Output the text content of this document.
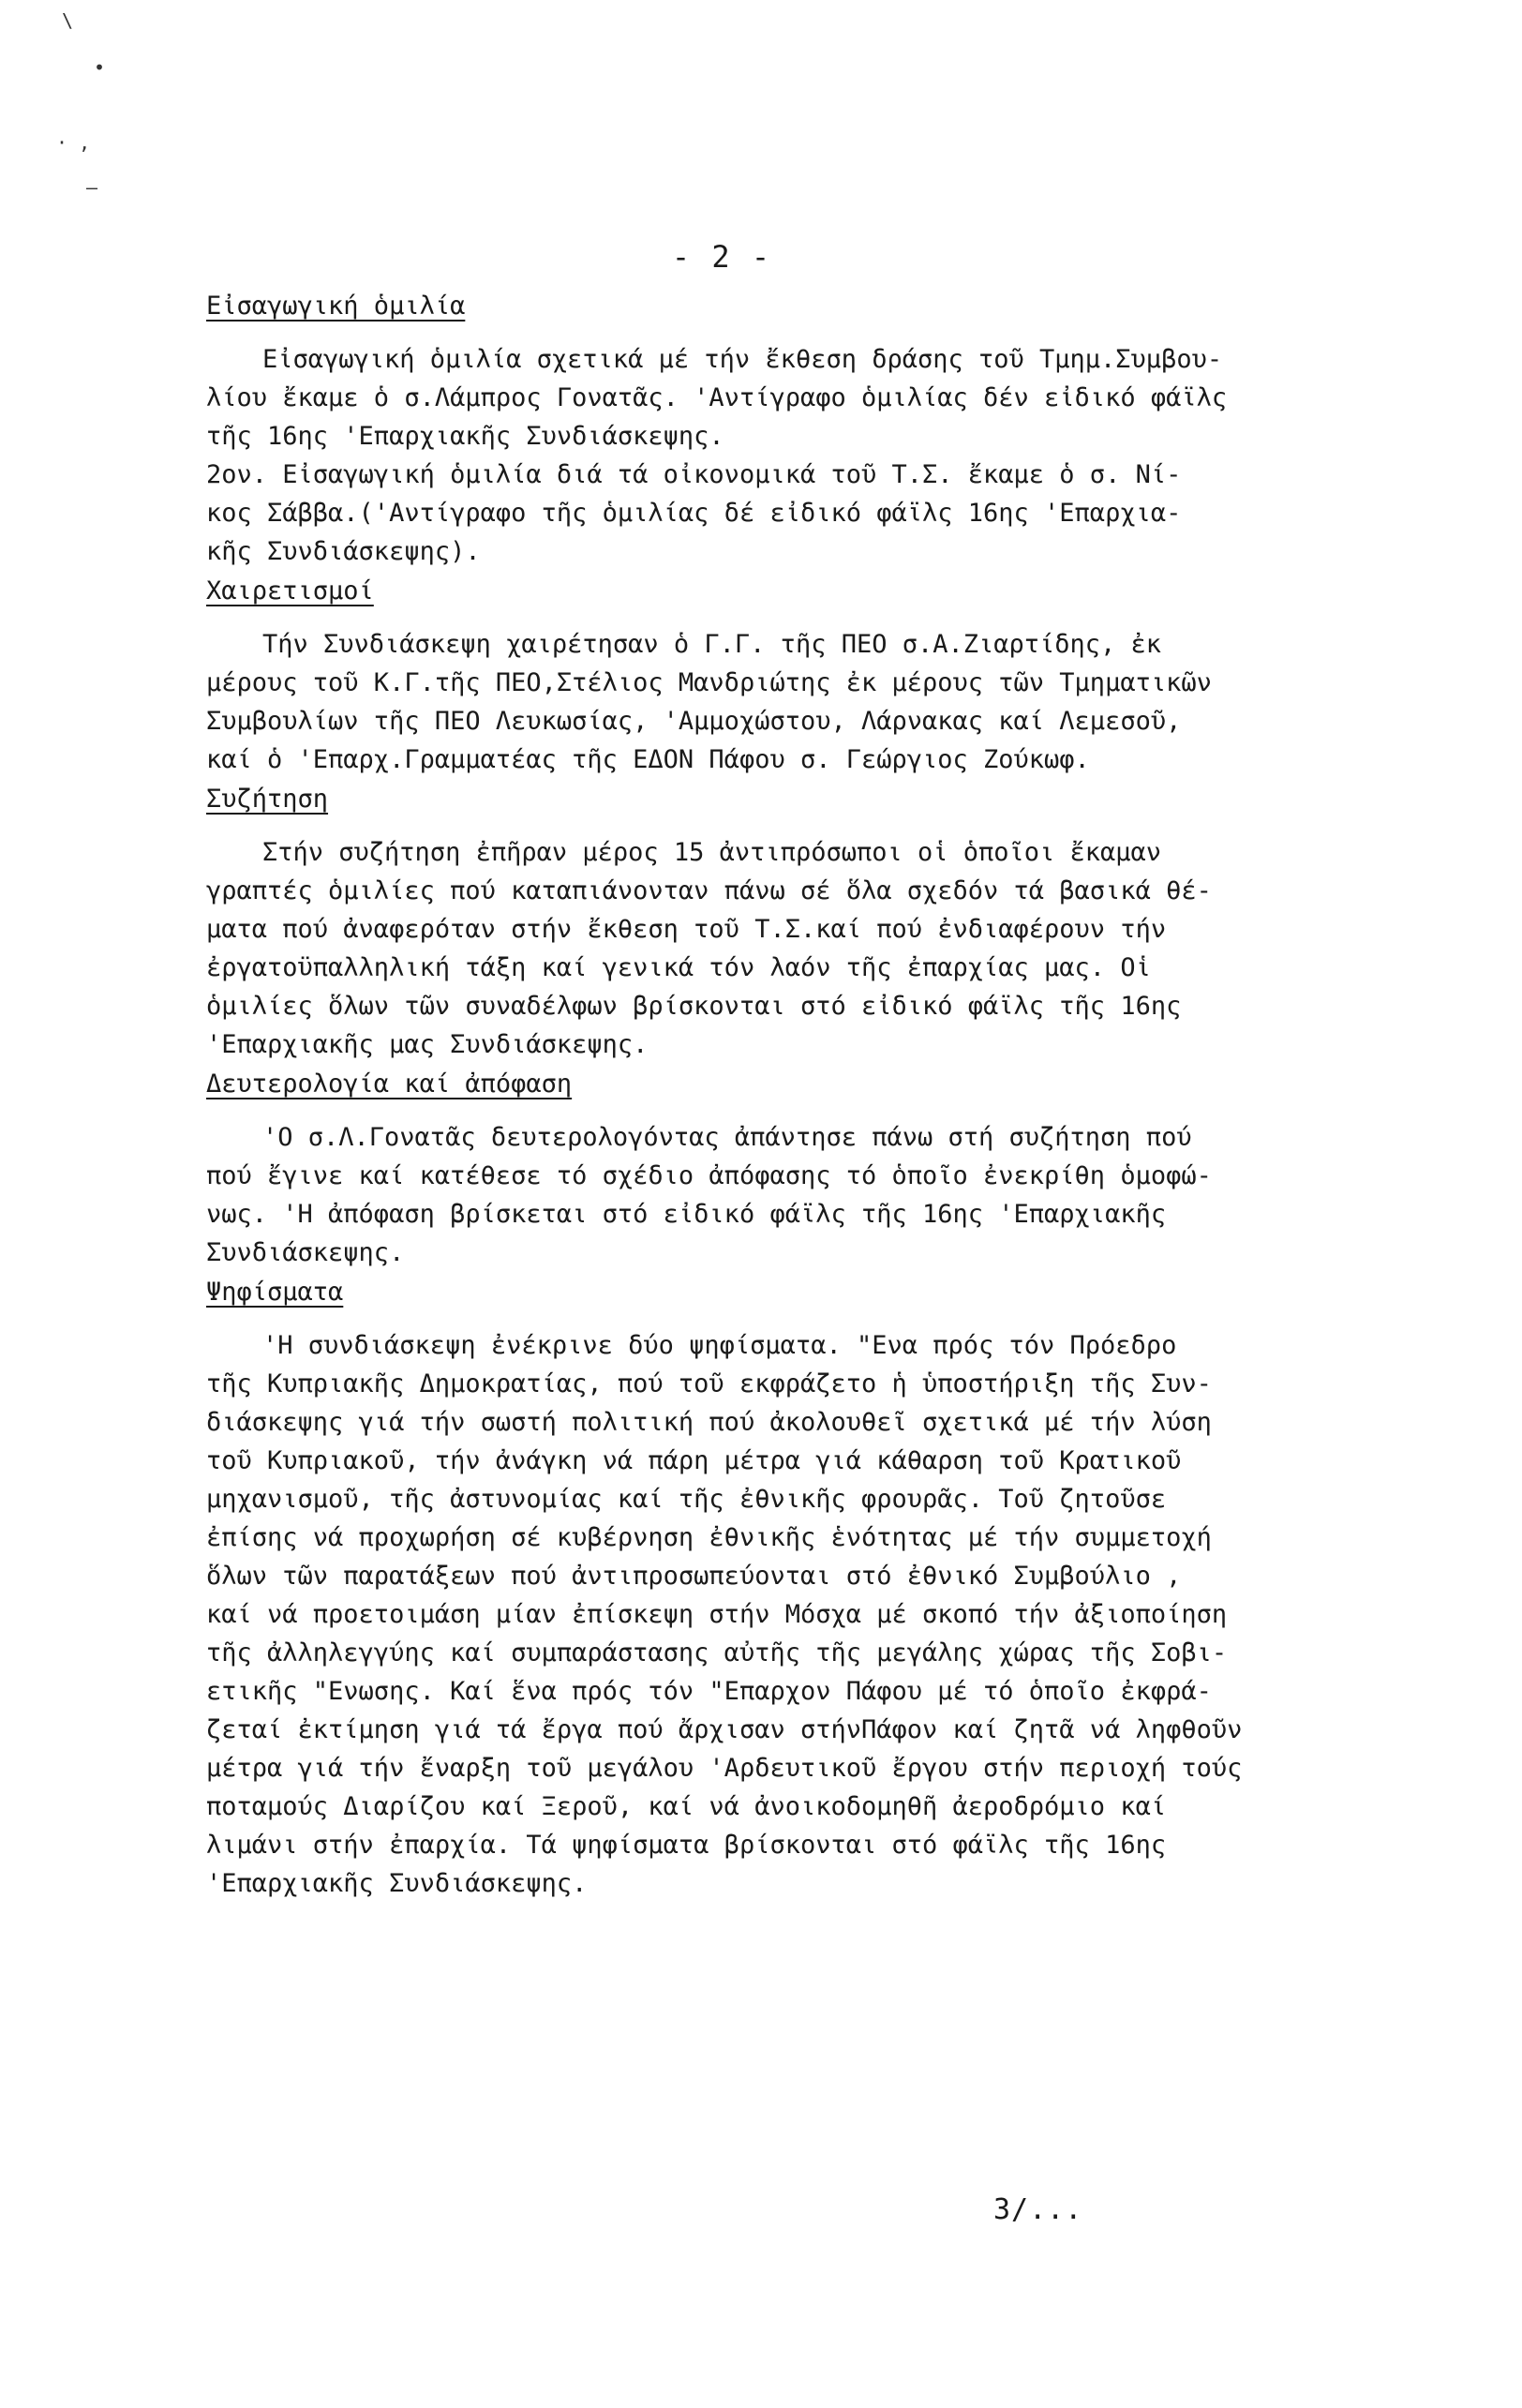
\
•
· ,
—
- 2 -
Εἰσαγωγική ὁμιλία
Εἰσαγωγική ὁμιλία σχετικά μέ τήν ἔκθεση δράσης τοῦ Τμημ.Συμβου-
λίου ἔκαμε ὁ σ.Λάμπρος Γονατᾶς. 'Αντίγραφο ὁμιλίας δέν εἰδικό φάϊλς
τῆς 16ης 'Επαρχιακῆς Συνδιάσκεψης.
2ον. Εἰσαγωγική ὁμιλία διά τά οἰκονομικά τοῦ Τ.Σ. ἔκαμε ὁ σ. Νί-
κος Σάββα.('Αντίγραφο τῆς ὁμιλίας δέ εἰδικό φάϊλς 16ης 'Επαρχια-
κῆς Συνδιάσκεψης).
Χαιρετισμοί
Τήν Συνδιάσκεψη χαιρέτησαν ὁ Γ.Γ. τῆς ΠΕΟ σ.Α.Ζιαρτίδης, ἐκ
μέρους τοῦ Κ.Γ.τῆς ΠΕΟ,Στέλιος Μανδριώτης ἐκ μέρους τῶν Τμηματικῶν
Συμβουλίων τῆς ΠΕΟ Λευκωσίας, 'Αμμοχώστου, Λάρνακας καί Λεμεσοῦ,
καί ὁ 'Επαρχ.Γραμματέας τῆς ΕΔΟΝ Πάφου σ. Γεώργιος Ζούκωφ.
Συζήτηση
Στήν συζήτηση ἐπῆραν μέρος 15 ἀντιπρόσωποι οἱ ὁποῖοι ἔκαμαν
γραπτές ὁμιλίες πού καταπιάνονταν πάνω σέ ὅλα σχεδόν τά βασικά θέ-
ματα πού ἀναφερόταν στήν ἔκθεση τοῦ Τ.Σ.καί πού ἐνδιαφέρουν τήν
ἐργατοϋπαλληλική τάξη καί γενικά τόν λαόν τῆς ἐπαρχίας μας. Οἱ
ὁμιλίες ὅλων τῶν συναδέλφων βρίσκονται στό εἰδικό φάϊλς τῆς 16ης
'Επαρχιακῆς μας Συνδιάσκεψης.
Δευτερολογία καί ἀπόφαση
'Ο σ.Λ.Γονατᾶς δευτερολογόντας ἀπάντησε πάνω στή συζήτηση πού
πού ἔγινε καί κατέθεσε τό σχέδιο ἀπόφασης τό ὁποῖο ἐνεκρίθη ὁμοφώ-
νως. 'Η ἀπόφαση βρίσκεται στό εἰδικό φάϊλς τῆς 16ης 'Επαρχιακῆς
Συνδιάσκεψης.
Ψηφίσματα
'Η συνδιάσκεψη ἐνέκρινε δύο ψηφίσματα. "Ενα πρός τόν Πρόεδρο
τῆς Κυπριακῆς Δημοκρατίας, πού τοῦ εκφράζετο ἡ ὑποστήριξη τῆς Συν-
διάσκεψης γιά τήν σωστή πολιτική πού ἀκολουθεῖ σχετικά μέ τήν λύση
τοῦ Κυπριακοῦ, τήν ἀνάγκη νά πάρη μέτρα γιά κάθαρση τοῦ Κρατικοῦ
μηχανισμοῦ, τῆς ἀστυνομίας καί τῆς ἐθνικῆς φρουρᾶς. Τοῦ ζητοῦσε
ἐπίσης νά προχωρήση σέ κυβέρνηση ἐθνικῆς ἑνότητας μέ τήν συμμετοχή
ὅλων τῶν παρατάξεων πού ἀντιπροσωπεύονται στό ἐθνικό Συμβούλιο ,
καί νά προετοιμάση μίαν ἐπίσκεψη στήν Μόσχα μέ σκοπό τήν ἀξιοποίηση
τῆς ἀλληλεγγύης καί συμπαράστασης αὐτῆς τῆς μεγάλης χώρας τῆς Σοβι-
ετικῆς "Ενωσης. Καί ἕνα πρός τόν "Επαρχον Πάφου μέ τό ὁποῖο ἐκφρά-
ζεταί ἐκτίμηση γιά τά ἔργα πού ἄρχισαν στήνΠάφον καί ζητᾶ νά ληφθοῦν
μέτρα γιά τήν ἔναρξη τοῦ μεγάλου 'Αρδευτικοῦ ἔργου στήν περιοχή τούς
ποταμούς Διαρίζου καί Ξεροῦ, καί νά ἀνοικοδομηθῆ ἀεροδρόμιο καί
λιμάνι στήν ἐπαρχία. Τά ψηφίσματα βρίσκονται στό φάϊλς τῆς 16ης
'Επαρχιακῆς Συνδιάσκεψης.
3/...
